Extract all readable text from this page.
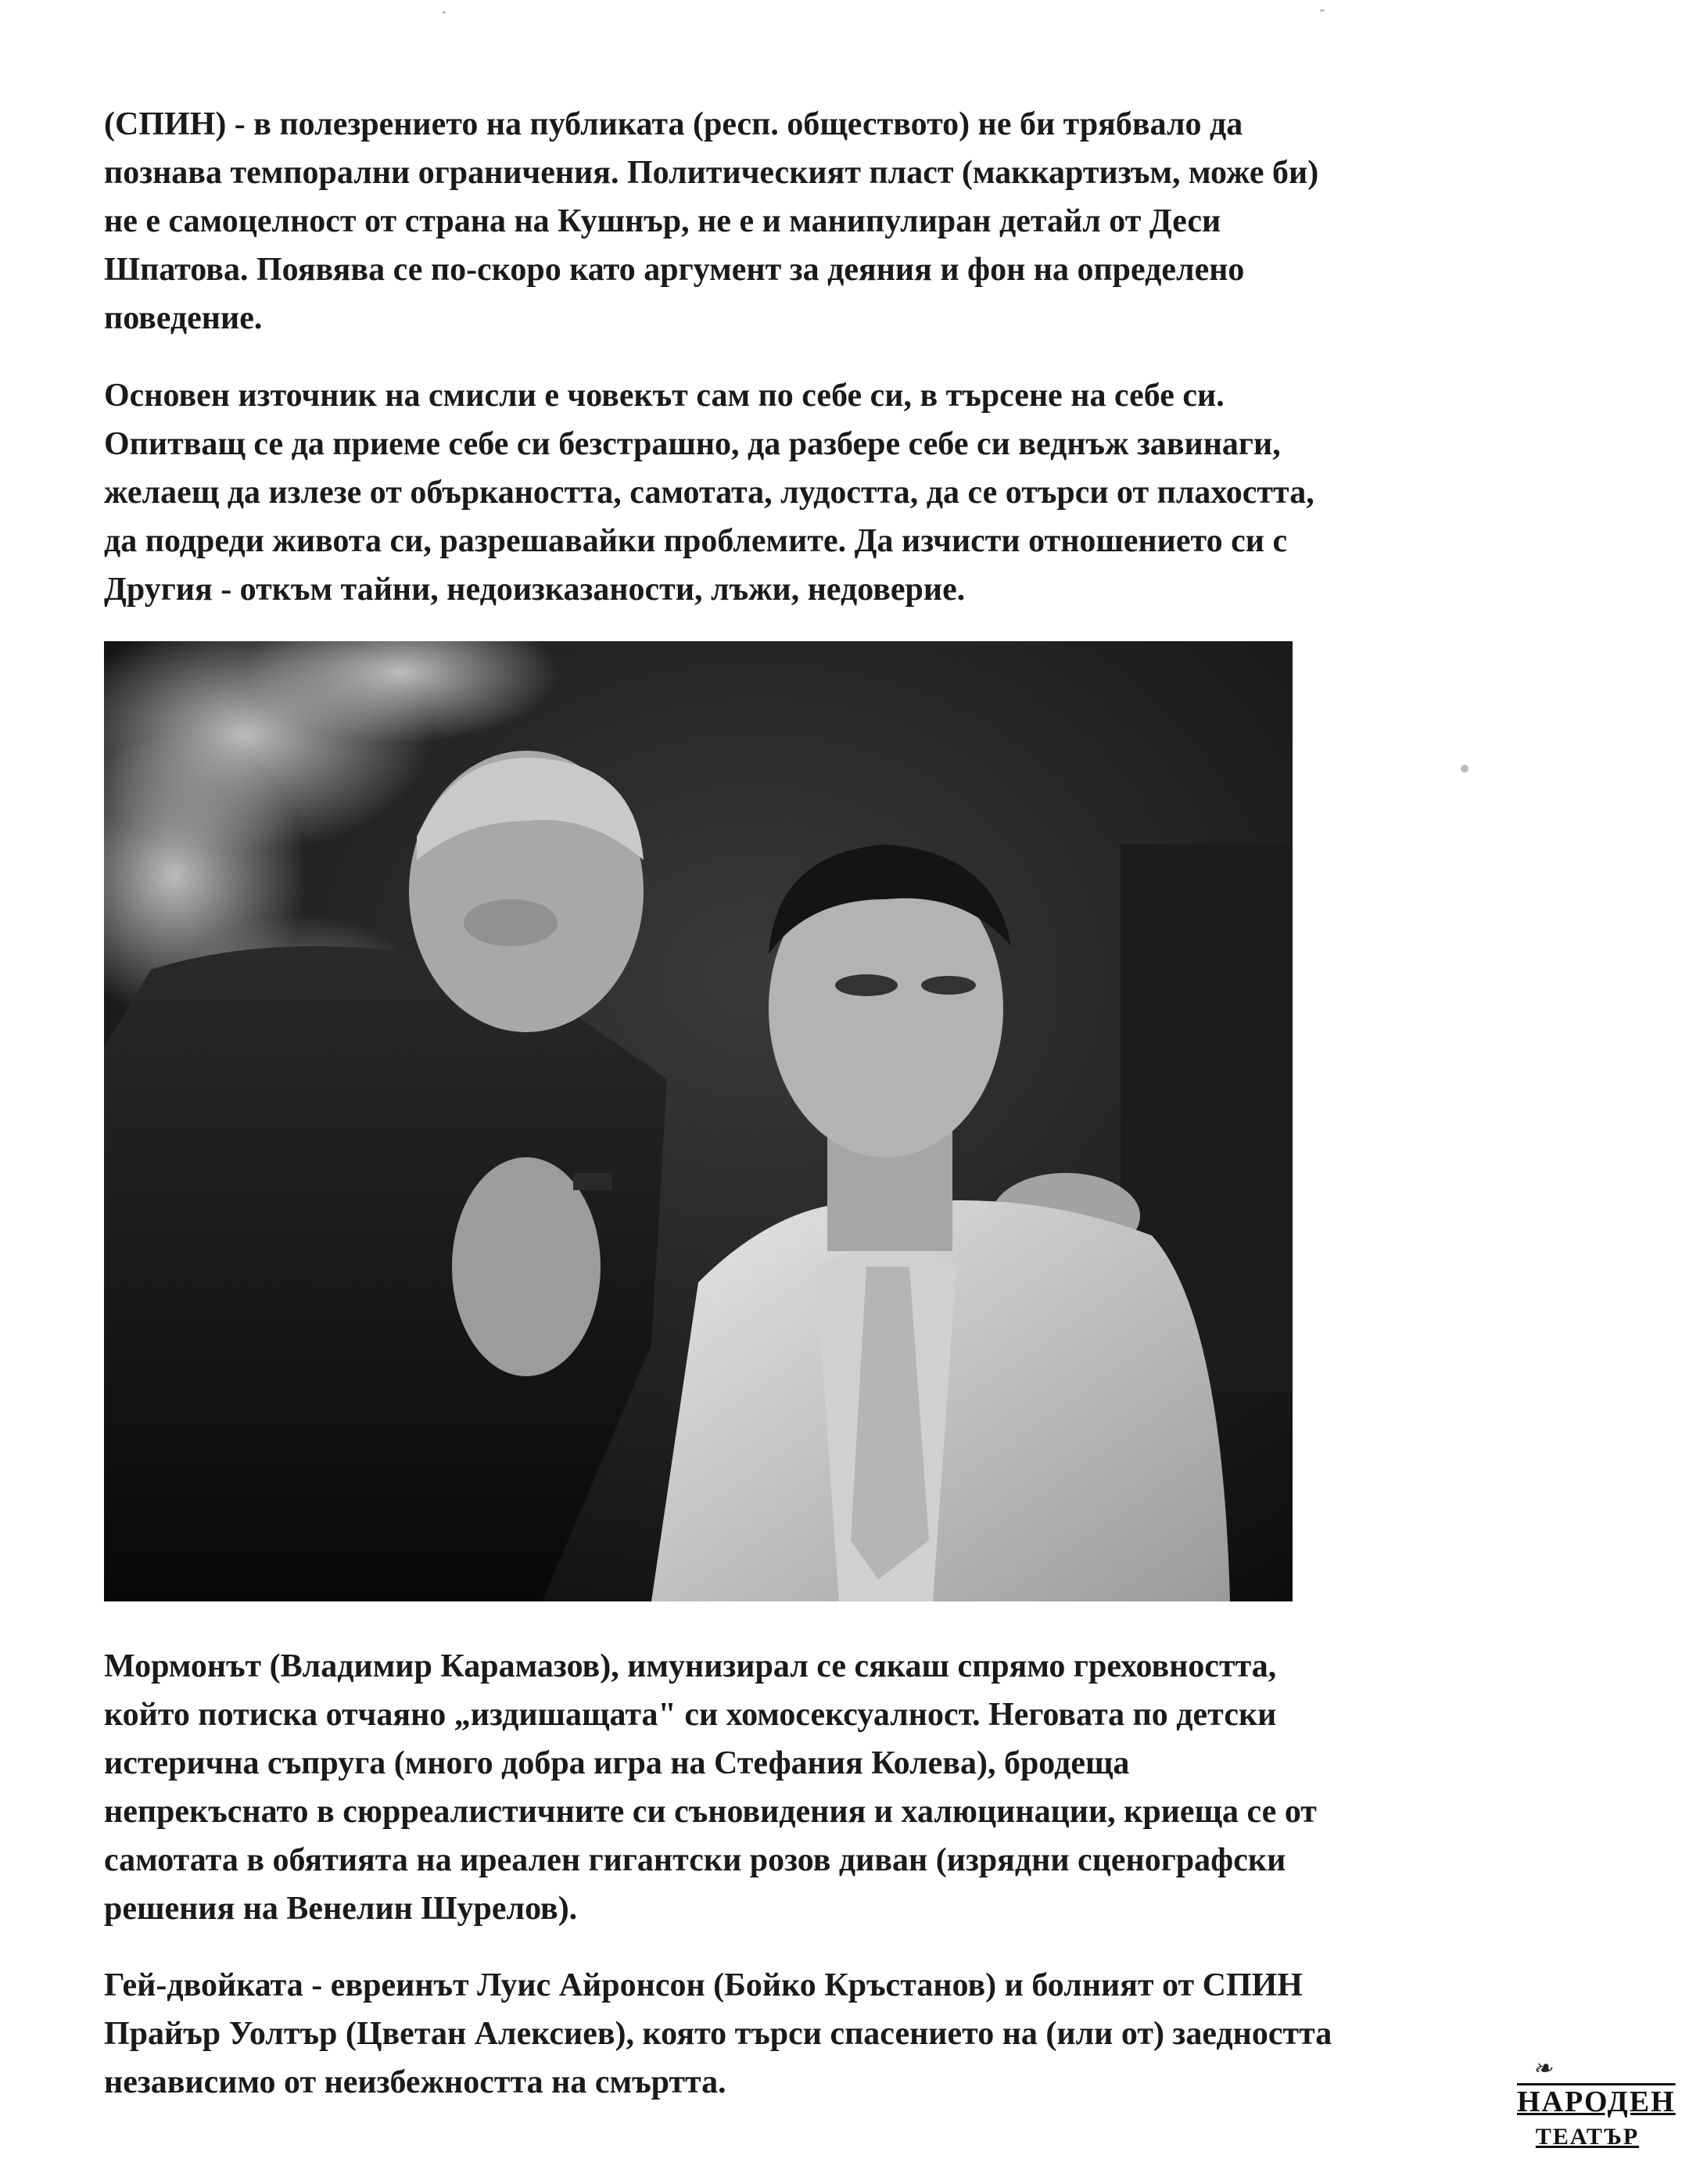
(СПИН) - в полезрението на публиката (респ. обществото) не би трябвало да
познава темпорални ограничения. Политическият пласт (маккартизъм, може би)
не е самоцелност от страна на Кушнър, не е и манипулиран детайл от Деси
Шпатова. Появява се по-скоро като аргумент за деяния и фон на определено
поведение.
Основен източник на смисли е човекът сам по себе си, в търсене на себе си.
Опитващ се да приеме себе си безстрашно, да разбере себе си веднъж завинаги,
желаещ да излезе от объркаността, самотата, лудостта, да се отърси от плахостта,
да подреди живота си, разрешавайки проблемите. Да изчисти отношението си с
Другия - откъм тайни, недоизказаности, лъжи, недоверие.
Мормонът (Владимир Карамазов), имунизирал се сякаш спрямо греховността,
който потиска отчаяно „издишащата" си хомосексуалност. Неговата по детски
истерична съпруга (много добра игра на Стефания Колева), бродеща
непрекъснато в сюрреалистичните си съновидения и халюцинации, криеща се от
самотата в обятията на иреален гигантски розов диван (изрядни сценографски
решения на Венелин Шурелов).
Гей-двойката - евреинът Луис Айронсон (Бойко Кръстанов) и болният от СПИН
Прайър Уолтър (Цветан Алексиев), която търси спасението на (или от) заедността
независимо от неизбежността на смъртта.	❧
НАРОДЕН
ТЕАТЪР
